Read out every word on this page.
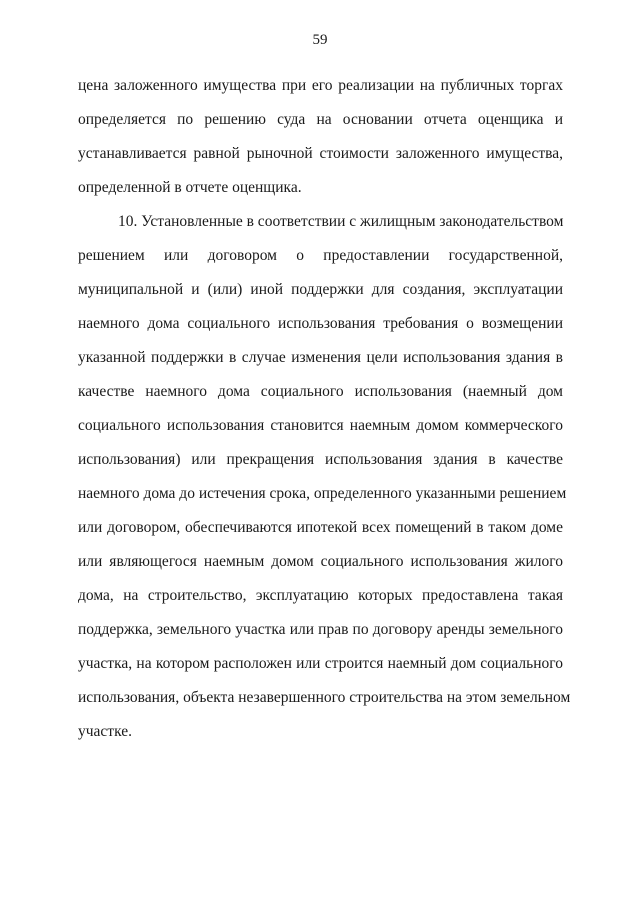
59
цена заложенного имущества при его реализации на публичных торгах
определяется по решению суда на основании отчета оценщика и
устанавливается равной рыночной стоимости заложенного имущества,
определенной в отчете оценщика.
10. Установленные в соответствии с жилищным законодательством
решением или договором о предоставлении государственной,
муниципальной и (или) иной поддержки для создания, эксплуатации
наемного дома социального использования требования о возмещении
указанной поддержки в случае изменения цели использования здания в
качестве наемного дома социального использования (наемный дом
социального использования становится наемным домом коммерческого
использования) или прекращения использования здания в качестве
наемного дома до истечения срока, определенного указанными решением
или договором, обеспечиваются ипотекой всех помещений в таком доме
или являющегося наемным домом социального использования жилого
дома, на строительство, эксплуатацию которых предоставлена такая
поддержка, земельного участка или прав по договору аренды земельного
участка, на котором расположен или строится наемный дом социального
использования, объекта незавершенного строительства на этом земельном
участке.
